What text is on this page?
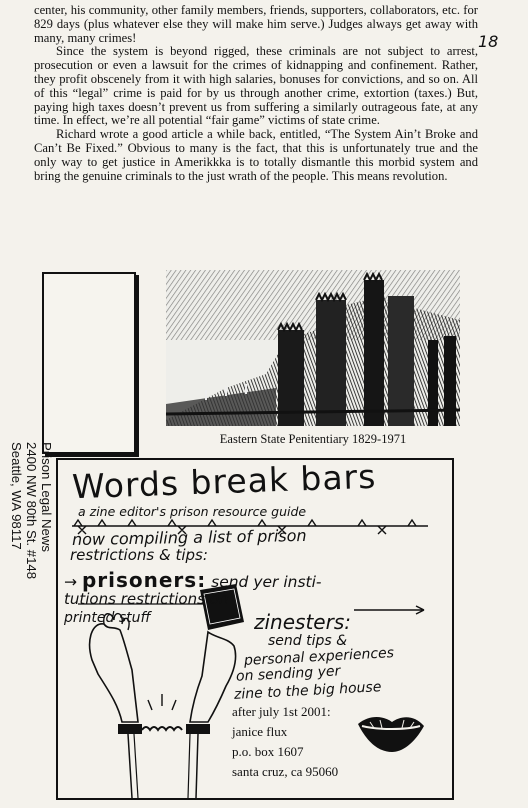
18

center, his community, other family members, friends, supporters, collaborators, etc. for 829 days (plus whatever else they will make him serve.) Judges always get away with many, many crimes!

Since the system is beyond rigged, these criminals are not subject to arrest, prosecution or even a lawsuit for the crimes of kidnapping and confinement. Rather, they profit obscenely from it with high salaries, bonuses for convictions, and so on. All of this “legal” crime is paid for by us through another crime, extortion (taxes.) But, paying high taxes doesn’t prevent us from suffering a similarly outrageous fate, at any time. In effect, we’re all potential “fair game” victims of state crime.

Richard wrote a good article a while back, entitled, “The System Ain’t Broke and Can’t Be Fixed.” Obvious to many is the fact, that this is unfortunately true and the only way to get justice in Amerikkka is to totally dismantle this morbid system and bring the genuine criminals to the just wrath of the people. This means revolution.

Prison Legal News
2400 NW 80th St. #148
Seattle, WA 98117
Eastern State Penitentiary 1829-1971
Words break bars
a zine editor's prison resource guide
now compiling a list of prison
restrictions & tips:
→ prisoners: send yer insti-
tutions restrictions on
printed stuff	zinesters:
send tips &
personal experiences
on sending yer
zine to the big house
after july 1st 2001:
janice flux
p.o. box 1607
santa cruz, ca 95060
